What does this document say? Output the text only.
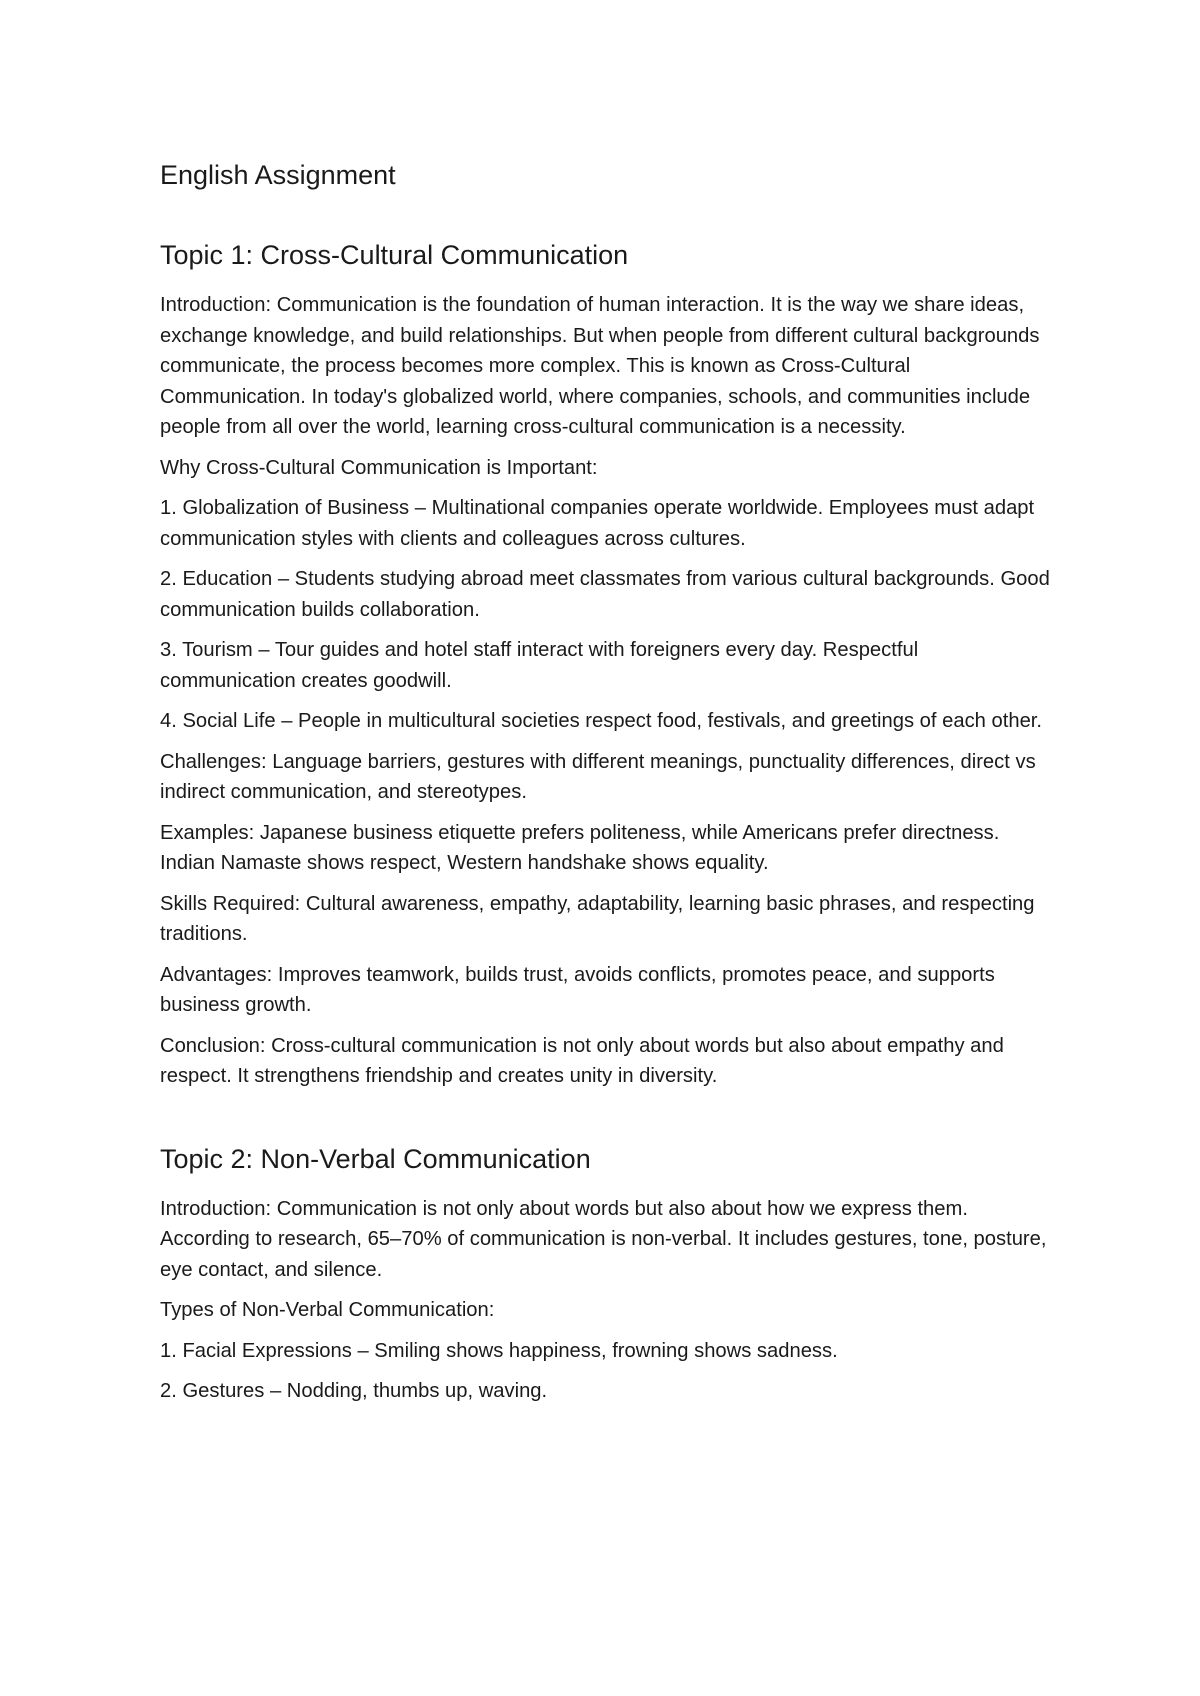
English Assignment
Topic 1: Cross-Cultural Communication

Introduction: Communication is the foundation of human interaction. It is the way we share ideas, exchange knowledge, and build relationships. But when people from different cultural backgrounds communicate, the process becomes more complex. This is known as Cross-Cultural Communication. In today's globalized world, where companies, schools, and communities include people from all over the world, learning cross-cultural communication is a necessity.

Why Cross-Cultural Communication is Important:

1. Globalization of Business – Multinational companies operate worldwide. Employees must adapt communication styles with clients and colleagues across cultures.
2. Education – Students studying abroad meet classmates from various cultural backgrounds. Good communication builds collaboration.
3. Tourism – Tour guides and hotel staff interact with foreigners every day. Respectful communication creates goodwill.
4. Social Life – People in multicultural societies respect food, festivals, and greetings of each other.

Challenges: Language barriers, gestures with different meanings, punctuality differences, direct vs indirect communication, and stereotypes.

Examples: Japanese business etiquette prefers politeness, while Americans prefer directness. Indian Namaste shows respect, Western handshake shows equality.

Skills Required: Cultural awareness, empathy, adaptability, learning basic phrases, and respecting traditions.

Advantages: Improves teamwork, builds trust, avoids conflicts, promotes peace, and supports business growth.

Conclusion: Cross-cultural communication is not only about words but also about empathy and respect. It strengthens friendship and creates unity in diversity.

Topic 2: Non-Verbal Communication

Introduction: Communication is not only about words but also about how we express them. According to research, 65–70% of communication is non-verbal. It includes gestures, tone, posture, eye contact, and silence.

Types of Non-Verbal Communication:

1. Facial Expressions – Smiling shows happiness, frowning shows sadness.
2. Gestures – Nodding, thumbs up, waving.
